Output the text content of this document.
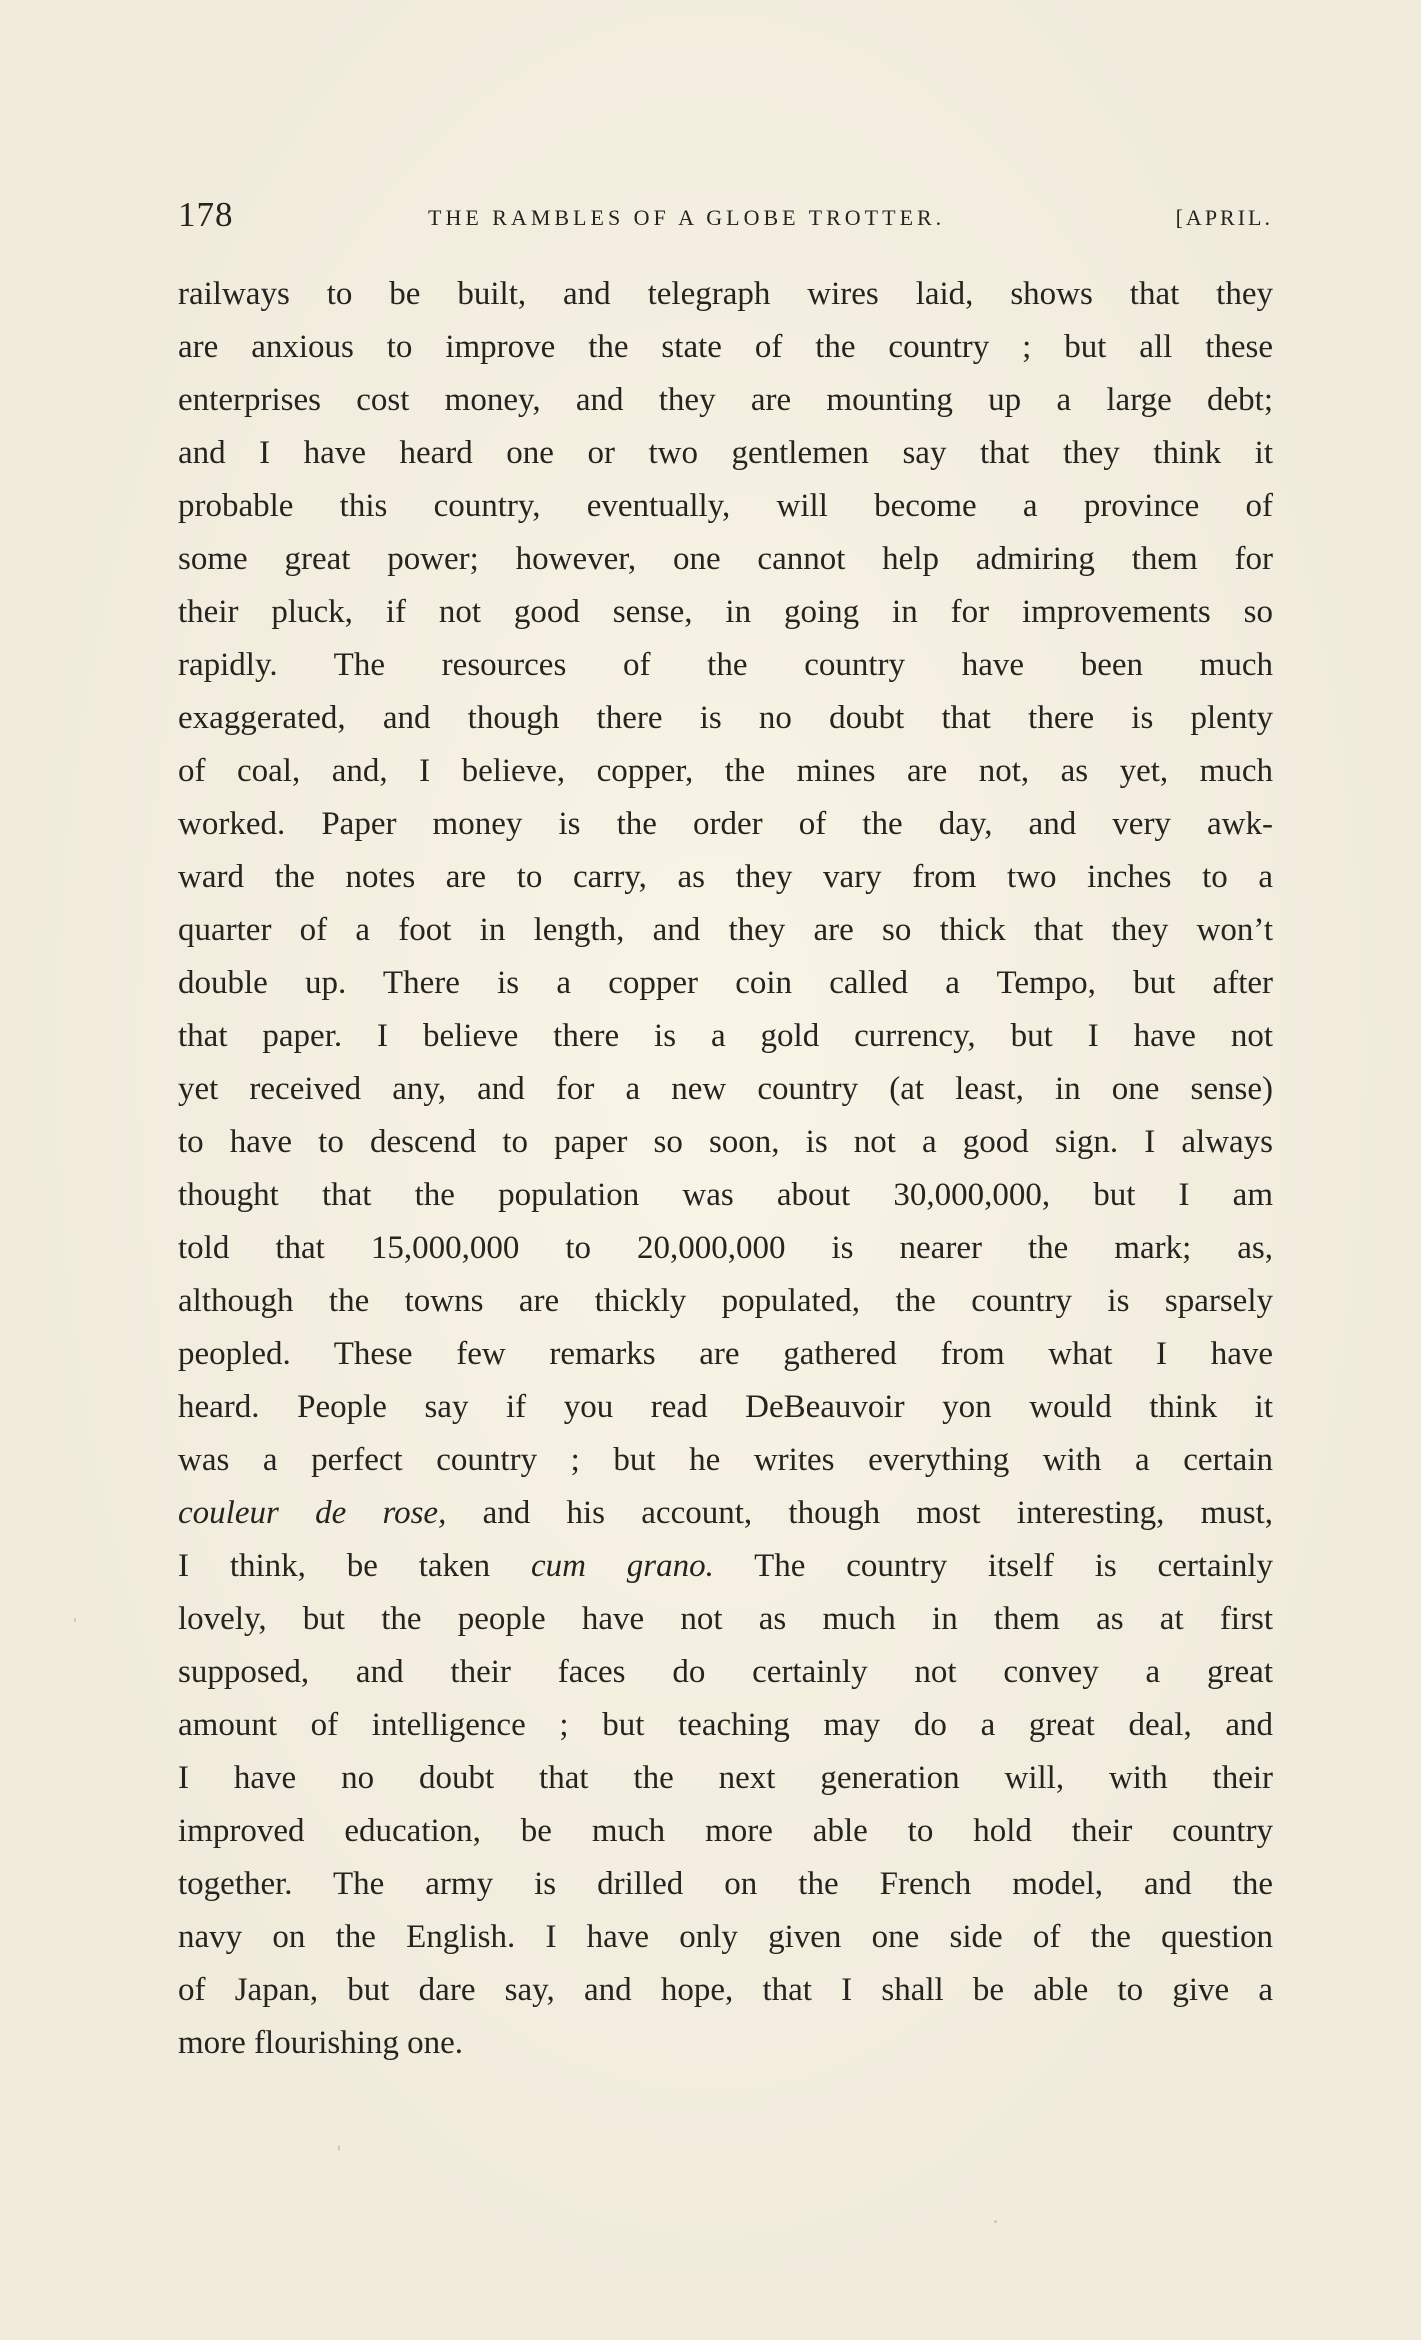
178	THE RAMBLES OF A GLOBE TROTTER.	[APRIL.
railways to be built, and telegraph wires laid, shows that they
are anxious to improve the state of the country ; but all these
enterprises cost money, and they are mounting up a large debt;
and I have heard one or two gentlemen say that they think it
probable this country, eventually, will become a province of
some great power; however, one cannot help admiring them for
their pluck, if not good sense, in going in for improvements so
rapidly. The resources of the country have been much
exaggerated, and though there is no doubt that there is plenty
of coal, and, I believe, copper, the mines are not, as yet, much
worked. Paper money is the order of the day, and very awk-
ward the notes are to carry, as they vary from two inches to a
quarter of a foot in length, and they are so thick that they won’t
double up. There is a copper coin called a Tempo, but after
that paper. I believe there is a gold currency, but I have not
yet received any, and for a new country (at least, in one sense)
to have to descend to paper so soon, is not a good sign. I always
thought that the population was about 30,000,000, but I am
told that 15,000,000 to 20,000,000 is nearer the mark; as,
although the towns are thickly populated, the country is sparsely
peopled. These few remarks are gathered from what I have
heard. People say if you read DeBeauvoir yon would think it
was a perfect country ; but he writes everything with a certain
couleur de rose, and his account, though most interesting, must,
I think, be taken cum grano. The country itself is certainly
lovely, but the people have not as much in them as at first
supposed, and their faces do certainly not convey a great
amount of intelligence ; but teaching may do a great deal, and
I have no doubt that the next generation will, with their
improved education, be much more able to hold their country
together. The army is drilled on the French model, and the
navy on the English. I have only given one side of the question
of Japan, but dare say, and hope, that I shall be able to give a
more flourishing one.
